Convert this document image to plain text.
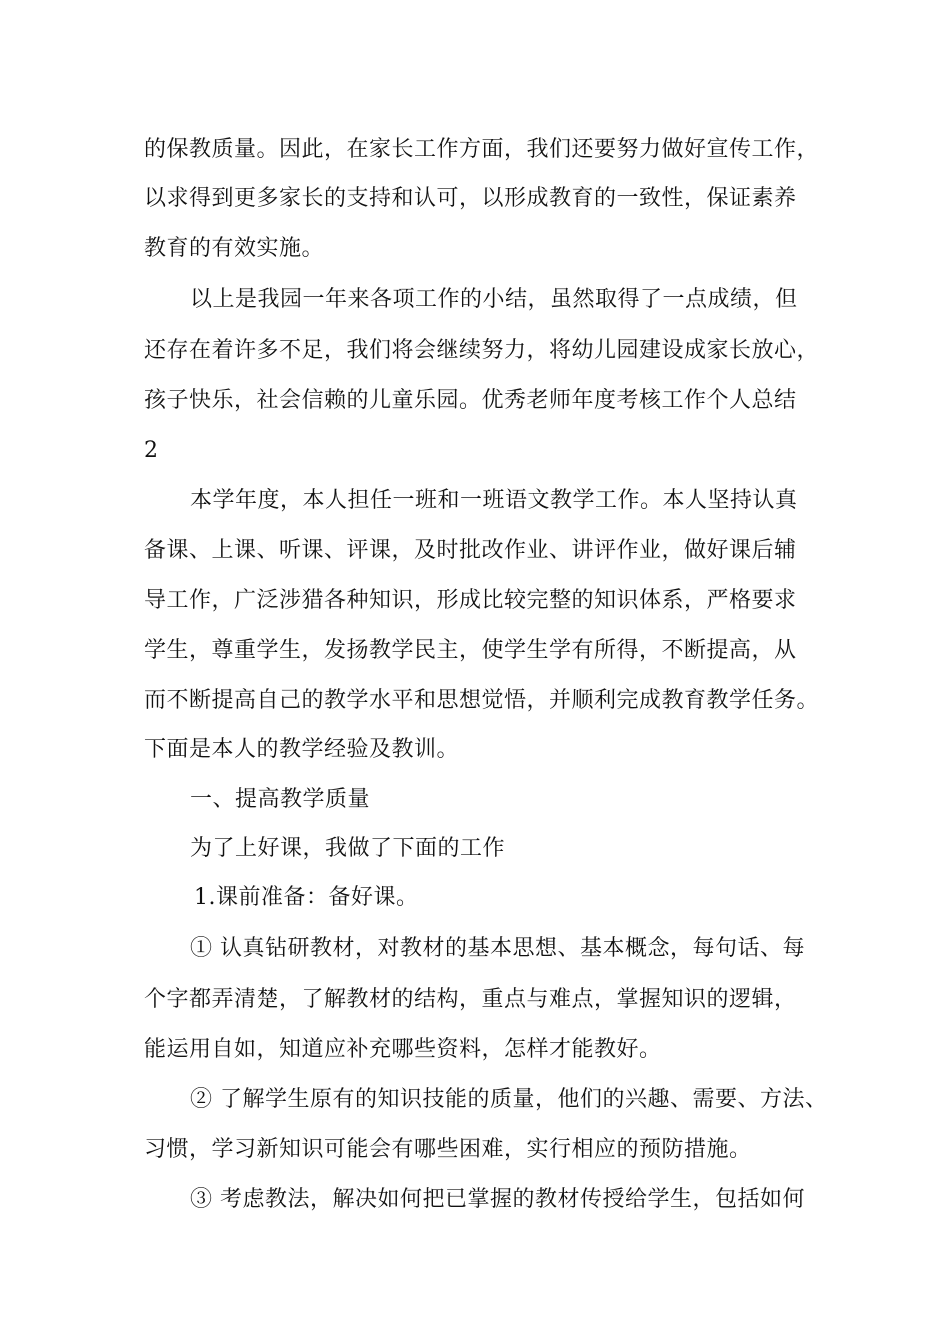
的保教质量。因此，在家长工作方面，我们还要努力做好宣传工作，
以求得到更多家长的支持和认可，以形成教育的一致性，保证素养
教育的有效实施。
以上是我园一年来各项工作的小结，虽然取得了一点成绩，但
还存在着许多不足，我们将会继续努力，将幼儿园建设成家长放心，
孩子快乐，社会信赖的儿童乐园。优秀老师年度考核工作个人总结
2
本学年度，本人担任一班和一班语文教学工作。本人坚持认真
备课、上课、听课、评课，及时批改作业、讲评作业，做好课后辅
导工作，广泛涉猎各种知识，形成比较完整的知识体系，严格要求
学生，尊重学生，发扬教学民主，使学生学有所得，不断提高，从
而不断提高自己的教学水平和思想觉悟，并顺利完成教育教学任务。
下面是本人的教学经验及教训。
一、提高教学质量
为了上好课，我做了下面的工作
1.课前准备：备好课。
① 认真钻研教材，对教材的基本思想、基本概念，每句话、每
个字都弄清楚，了解教材的结构，重点与难点，掌握知识的逻辑，
能运用自如，知道应补充哪些资料，怎样才能教好。
② 了解学生原有的知识技能的质量，他们的兴趣、需要、方法、
习惯，学习新知识可能会有哪些困难，实行相应的预防措施。
③ 考虑教法，解决如何把已掌握的教材传授给学生，包括如何
